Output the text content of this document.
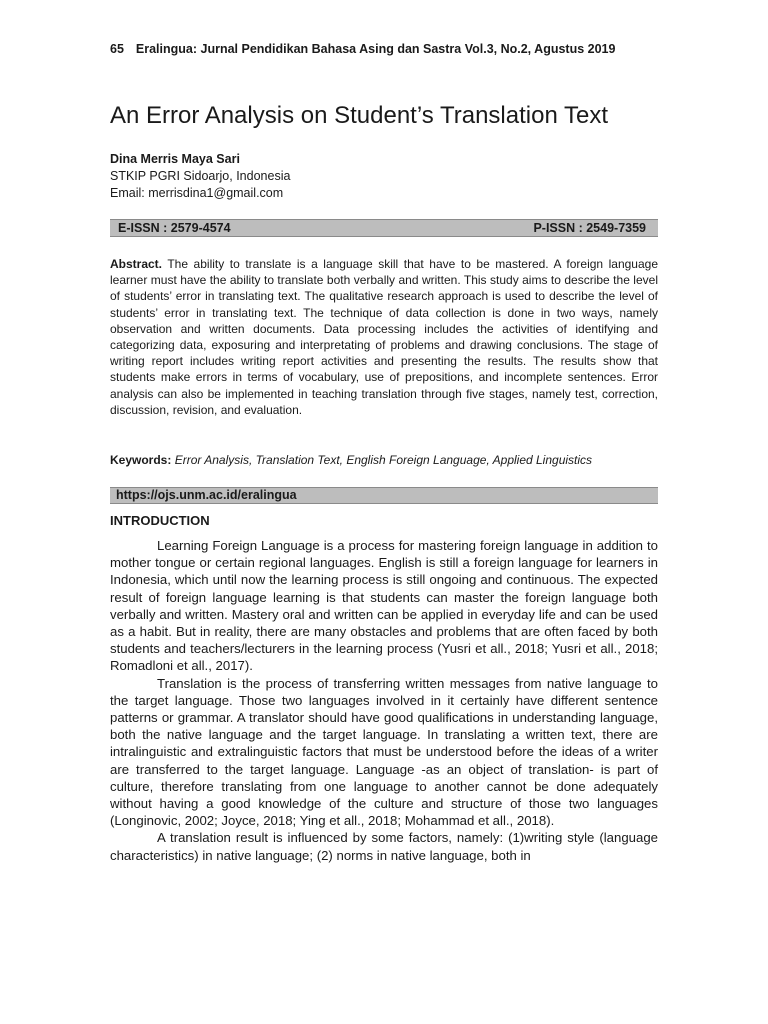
65 Eralingua: Jurnal Pendidikan Bahasa Asing dan Sastra Vol.3, No.2, Agustus 2019
An Error Analysis on Student’s Translation Text
Dina Merris Maya Sari
STKIP PGRI Sidoarjo, Indonesia
Email: merrisdina1@gmail.com
E-ISSN : 2579-4574	P-ISSN : 2549-7359

Abstract. The ability to translate is a language skill that have to be mastered. A foreign language learner must have the ability to translate both verbally and written. This study aims to describe the level of students’ error in translating text. The qualitative research approach is used to describe the level of students’ error in translating text. The technique of data collection is done in two ways, namely observation and written documents. Data processing includes the activities of identifying and categorizing data, exposuring and interpretating of problems and drawing conclusions. The stage of writing report includes writing report activities and presenting the results. The results show that students make errors in terms of vocabulary, use of prepositions, and incomplete sentences. Error analysis can also be implemented in teaching translation through five stages, namely test, correction, discussion, revision, and evaluation.

Keywords: Error Analysis, Translation Text, English Foreign Language, Applied Linguistics
https://ojs.unm.ac.id/eralingua
INTRODUCTION

Learning Foreign Language is a process for mastering foreign language in addition to mother tongue or certain regional languages. English is still a foreign language for learners in Indonesia, which until now the learning process is still ongoing and continuous. The expected result of foreign language learning is that students can master the foreign language both verbally and written. Mastery oral and written can be applied in everyday life and can be used as a habit. But in reality, there are many obstacles and problems that are often faced by both students and teachers/lecturers in the learning process (Yusri et all., 2018; Yusri et all., 2018; Romadloni et all., 2017).

Translation is the process of transferring written messages from native language to the target language. Those two languages involved in it certainly have different sentence patterns or grammar. A translator should have good qualifications in understanding language, both the native language and the target language. In translating a written text, there are intralinguistic and extralinguistic factors that must be understood before the ideas of a writer are transferred to the target language. Language -as an object of translation- is part of culture, therefore translating from one language to another cannot be done adequately without having a good knowledge of the culture and structure of those two languages (Longinovic, 2002; Joyce, 2018; Ying et all., 2018; Mohammad et all., 2018).

A translation result is influenced by some factors, namely: (1)writing style (language characteristics) in native language; (2) norms in native language, both in
